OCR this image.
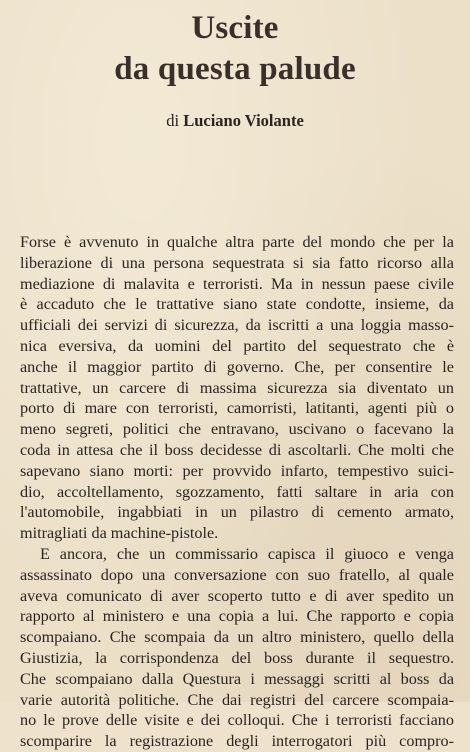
Uscite
da questa palude

di Luciano Violante

Forse è avvenuto in qualche altra parte del mondo che per la
liberazione di una persona sequestrata si sia fatto ricorso alla
mediazione di malavita e terroristi. Ma in nessun paese civile
è accaduto che le trattative siano state condotte, insieme, da
ufficiali dei servizi di sicurezza, da iscritti a una loggia masso-
nica eversiva, da uomini del partito del sequestrato che è
anche il maggior partito di governo. Che, per consentire le
trattative, un carcere di massima sicurezza sia diventato un
porto di mare con terroristi, camorristi, latitanti, agenti più o
meno segreti, politici che entravano, uscivano o facevano la
coda in attesa che il boss decidesse di ascoltarli. Che molti che
sapevano siano morti: per provvido infarto, tempestivo suici-
dio, accoltellamento, sgozzamento, fatti saltare in aria con
l'automobile, ingabbiati in un pilastro di cemento armato,
mitragliati da machine-pistole.
E ancora, che un commissario capisca il giuoco e venga
assassinato dopo una conversazione con suo fratello, al quale
aveva comunicato di aver scoperto tutto e di aver spedito un
rapporto al ministero e una copia a lui. Che rapporto e copia
scompaiano. Che scompaia da un altro ministero, quello della
Giustizia, la corrispondenza del boss durante il sequestro.
Che scompaiano dalla Questura i messaggi scritti al boss da
varie autorità politiche. Che dai registri del carcere scompaia-
no le prove delle visite e dei colloqui. Che i terroristi facciano
scomparire la registrazione degli interrogatori più compro-
